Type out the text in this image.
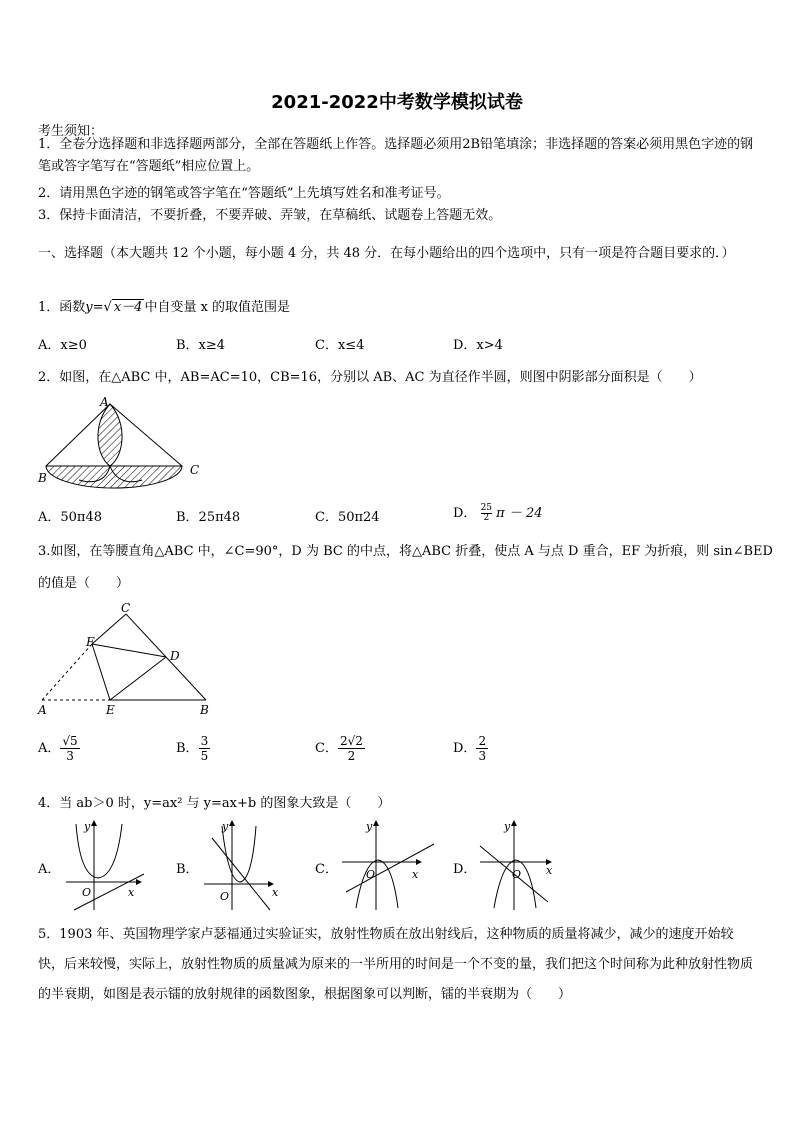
2021-2022中考数学模拟试卷
考生须知：
1．全卷分选择题和非选择题两部分，全部在答题纸上作答。选择题必须用2B铅笔填涂；非选择题的答案必须用黑色字迹的钢笔或答字笔写在“答题纸”相应位置上。
2．请用黑色字迹的钢笔或答字笔在“答题纸”上先填写姓名和准考证号。
3．保持卡面清洁，不要折叠，不要弄破、弄皱，在草稿纸、试题卷上答题无效。
一、选择题（本大题共 12 个小题，每小题 4 分，共 48 分．在每小题给出的四个选项中，只有一项是符合题目要求的．）
1．函数y=√ x－4 中自变量 x 的取值范围是
A．x≥0	B．x≥4	C．x≤4	D．x>4
2．如图，在△ABC 中，AB=AC=10，CB=16，分别以 AB、AC 为直径作半圆，则图中阴影部分面积是（　　）
A
B
C
A．50π48	B．25π48	C．50π24	D． $\frac{25}{2}$ π － 24
3.如图，在等腰直角△ABC 中，∠C=90°，D 为 BC 的中点，将△ABC 折叠，使点 A 与点 D 重合，EF 为折痕，则 sin∠BED
的值是（　　）
C
F
D
A	E	B
A． $\frac{√5}{3}$	B． $\frac{3}{5}$	C． $\frac{2√2}{2}$	D． $\frac{2}{3}$
4．当 ab＞0 时，y=ax² 与 y=ax+b 的图象大致是（　　）
A．
y
x
O
B．
y
x
O
C．
y
x
O	D．
y
x
O
5．1903 年、英国物理学家卢瑟福通过实验证实，放射性物质在放出射线后，这种物质的质量将减少，减少的速度开始较快，后来较慢，实际上，放射性物质的质量减为原来的一半所用的时间是一个不变的量，我们把这个时间称为此种放射性物质的半衰期，如图是表示镭的放射规律的函数图象，根据图象可以判断，镭的半衰期为（　　）
